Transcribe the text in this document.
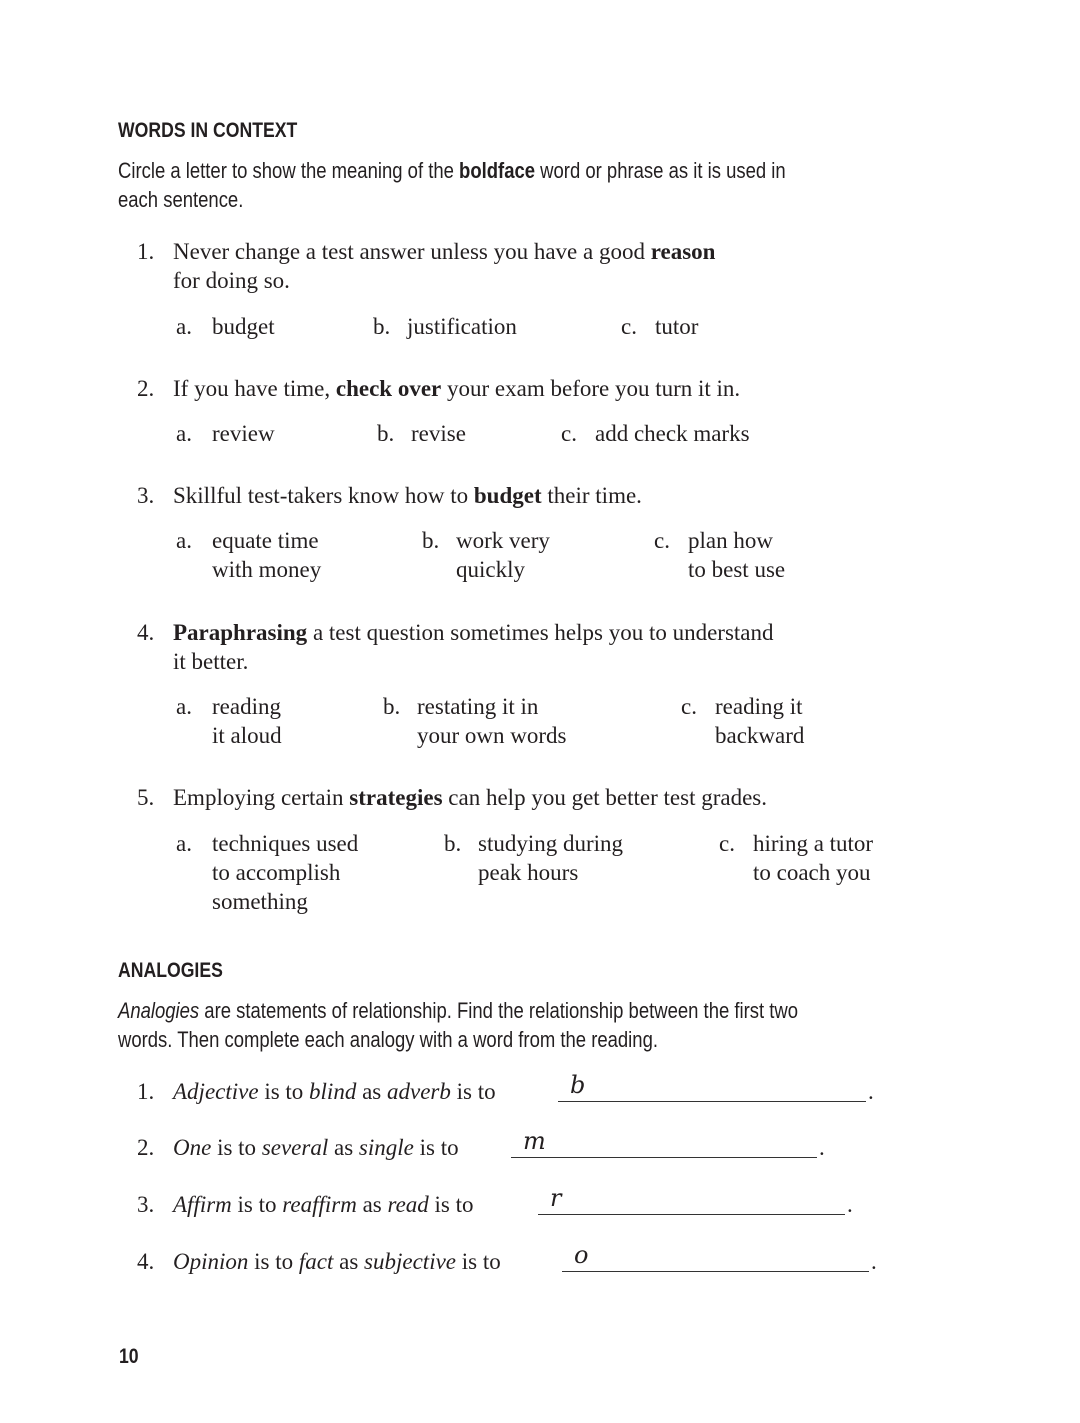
WORDS IN CONTEXT
Circle a letter to show the meaning of the boldface word or phrase as it is used in
each sentence.
1. Never change a test answer unless you have a good reason
for doing so.
a. budget	b. justification	c. tutor
2. If you have time, check over your exam before you turn it in.
a. review	b. revise	c. add check marks
3. Skillful test-takers know how to budget their time.
a. equate time
with money
b. work very
quickly
c. plan how
to best use
4. Paraphrasing a test question sometimes helps you to understand
it better.
a. reading
it aloud
b. restating it in
your own words
c. reading it
backward
5. Employing certain strategies can help you get better test grades.
a. techniques used
to accomplish
something
b. studying during
peak hours
c. hiring a tutor
to coach you
ANALOGIES
Analogies are statements of relationship. Find the relationship between the first two
words. Then complete each analogy with a word from the reading.
1. Adjective is to blind as adverb is to	b	.
2. One is to several as single is to	m	.
3. Affirm is to reaffirm as read is to	r	.
4. Opinion is to fact as subjective is to	o	.
10
